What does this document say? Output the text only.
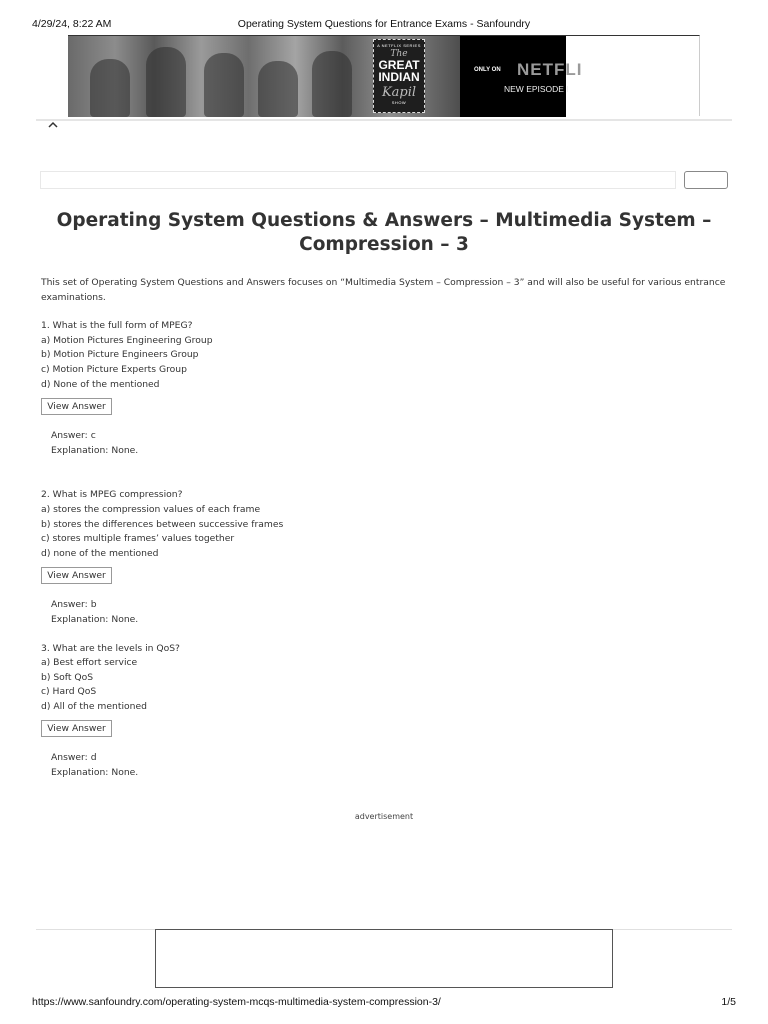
4/29/24, 8:22 AM	Operating System Questions for Entrance Exams - Sanfoundry
A NETFLIX SERIES
The
GREAT
INDIAN
Kapil
SHOW
ONLY ON NETFLI
NEW EPISODE I
Operating System Questions & Answers – Multimedia System – Compression – 3

This set of Operating System Questions and Answers focuses on “Multimedia System – Compression – 3” and will also be useful for various entrance examinations.

1. What is the full form of MPEG?

a) Motion Pictures Engineering Group

b) Motion Picture Engineers Group

c) Motion Picture Experts Group

d) None of the mentioned

View Answer

Answer: c

Explanation: None.

2. What is MPEG compression?

a) stores the compression values of each frame

b) stores the differences between successive frames

c) stores multiple frames’ values together

d) none of the mentioned

View Answer

Answer: b

Explanation: None.

3. What are the levels in QoS?

a) Best effort service

b) Soft QoS

c) Hard QoS

d) All of the mentioned

View Answer

Answer: d

Explanation: None.

advertisement
https://www.sanfoundry.com/operating-system-mcqs-multimedia-system-compression-3/	1/5
